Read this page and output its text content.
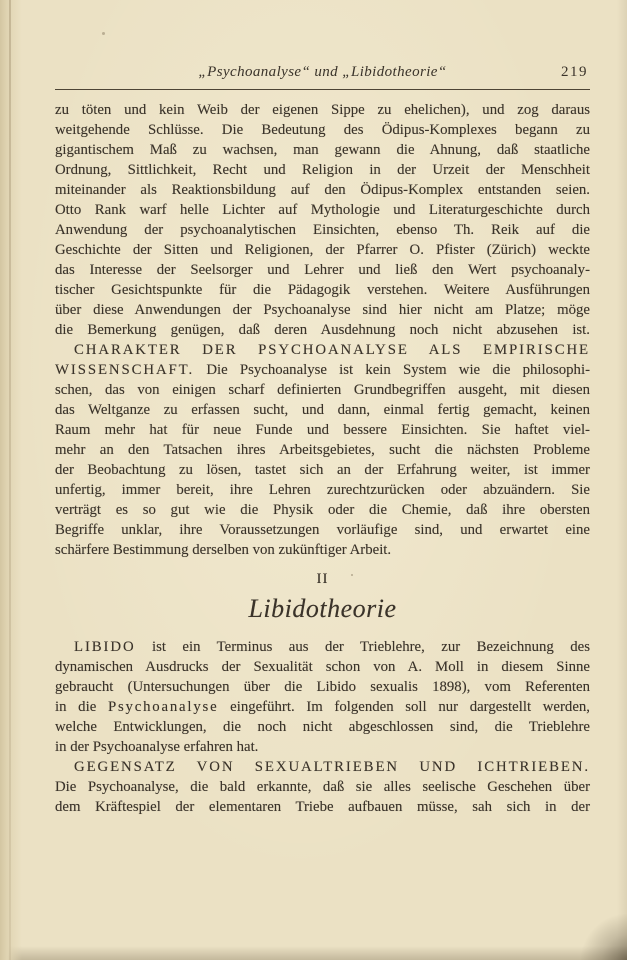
„Psychoanalyse“ und „Libidotheorie“	219
zu töten und kein Weib der eigenen Sippe zu ehelichen), und zog daraus
weitgehende Schlüsse. Die Bedeutung des Ödipus-Komplexes begann zu
gigantischem Maß zu wachsen, man gewann die Ahnung, daß staatliche
Ordnung, Sittlichkeit, Recht und Religion in der Urzeit der Menschheit
miteinander als Reaktionsbildung auf den Ödipus-Komplex entstanden seien.
Otto Rank warf helle Lichter auf Mythologie und Literaturgeschichte durch
Anwendung der psychoanalytischen Einsichten, ebenso Th. Reik auf die
Geschichte der Sitten und Religionen, der Pfarrer O. Pfister (Zürich) weckte
das Interesse der Seelsorger und Lehrer und ließ den Wert psychoanaly-
tischer Gesichtspunkte für die Pädagogik verstehen. Weitere Ausführungen
über diese Anwendungen der Psychoanalyse sind hier nicht am Platze; möge
die Bemerkung genügen, daß deren Ausdehnung noch nicht abzusehen ist.
CHARAKTER DER PSYCHOANALYSE ALS EMPIRISCHE
WISSENSCHAFT. Die Psychoanalyse ist kein System wie die philosophi-
schen, das von einigen scharf definierten Grundbegriffen ausgeht, mit diesen
das Weltganze zu erfassen sucht, und dann, einmal fertig gemacht, keinen
Raum mehr hat für neue Funde und bessere Einsichten. Sie haftet viel-
mehr an den Tatsachen ihres Arbeitsgebietes, sucht die nächsten Probleme
der Beobachtung zu lösen, tastet sich an der Erfahrung weiter, ist immer
unfertig, immer bereit, ihre Lehren zurechtzurücken oder abzuändern. Sie
verträgt es so gut wie die Physik oder die Chemie, daß ihre obersten
Begriffe unklar, ihre Voraussetzungen vorläufige sind, und erwartet eine
schärfere Bestimmung derselben von zukünftiger Arbeit.
II
Libidotheorie
LIBIDO ist ein Terminus aus der Trieblehre, zur Bezeichnung des
dynamischen Ausdrucks der Sexualität schon von A. Moll in diesem Sinne
gebraucht (Untersuchungen über die Libido sexualis 1898), vom Referenten
in die Psychoanalyse eingeführt. Im folgenden soll nur dargestellt werden,
welche Entwicklungen, die noch nicht abgeschlossen sind, die Trieblehre
in der Psychoanalyse erfahren hat.
GEGENSATZ VON SEXUALTRIEBEN UND ICHTRIEBEN.
Die Psychoanalyse, die bald erkannte, daß sie alles seelische Geschehen über
dem Kräftespiel der elementaren Triebe aufbauen müsse, sah sich in der
